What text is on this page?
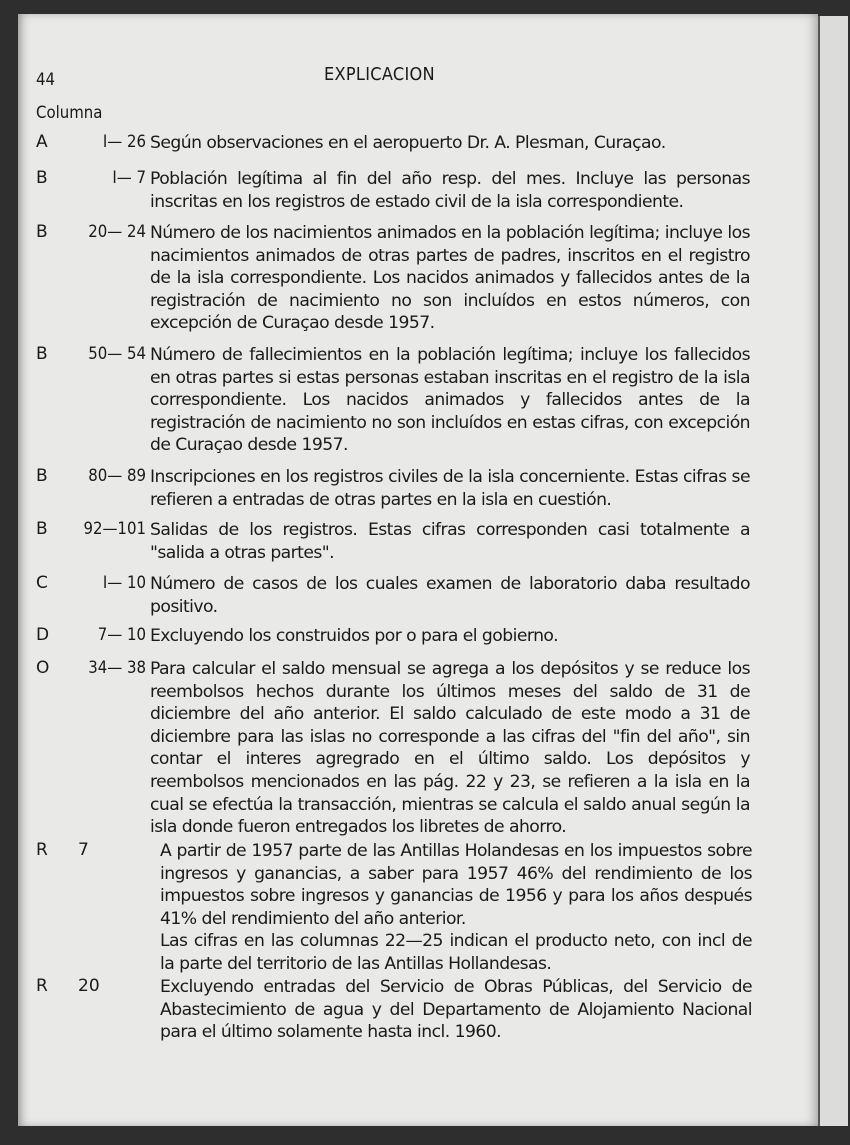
44	EXPLICACION
Columna
A	I— 26 Según observaciones en el aeropuerto Dr. A. Plesman, Curaçao.

B	I— 7 Población legítima al fin del año resp. del mes. Incluye las personas inscritas en los registros de estado civil de la isla correspondiente.

B	20— 24 Número de los nacimientos animados en la población legítima; incluye los nacimientos animados de otras partes de padres, inscritos en el registro de la isla correspondiente. Los nacidos animados y fallecidos antes de la registración de nacimiento no son incluídos en estos números, con excepción de Curaçao desde 1957.

B	50— 54 Número de fallecimientos en la población legítima; incluye los fallecidos en otras partes si estas personas estaban inscritas en el registro de la isla correspondiente. Los nacidos animados y fallecidos antes de la registración de nacimiento no son incluídos en estas cifras, con excepción de Curaçao desde 1957.

B	80— 89 Inscripciones en los registros civiles de la isla concerniente. Estas cifras se refieren a entradas de otras partes en la isla en cuestión.

B	92—101 Salidas de los registros. Estas cifras corresponden casi totalmente a "salida a otras partes".

C	I— 10 Número de casos de los cuales examen de laboratorio daba resultado positivo.

D	7— 10 Excluyendo los construidos por o para el gobierno.

O	34— 38 Para calcular el saldo mensual se agrega a los depósitos y se reduce los reembolsos hechos durante los últimos meses del saldo de 31 de diciembre del año anterior. El saldo calculado de este modo a 31 de diciembre para las islas no corresponde a las cifras del "fin del año", sin contar el interes agregrado en el último saldo. Los depósitos y reembolsos mencionados en las pág. 22 y 23, se refieren a la isla en la cual se efectúa la transacción, mientras se calcula el saldo anual según la isla donde fueron entregados los libretes de ahorro.

R 7	A partir de 1957 parte de las Antillas Holandesas en los impuestos sobre ingresos y ganancias, a saber para 1957 46% del rendimiento de los impuestos sobre ingresos y ganancias de 1956 y para los años después 41% del rendimiento del año anterior.

Las cifras en las columnas 22—25 indican el producto neto, con incl de la parte del territorio de las Antillas Hollandesas.

R 20	Excluyendo entradas del Servicio de Obras Públicas, del Servicio de Abastecimiento de agua y del Departamento de Alojamiento Nacional para el último solamente hasta incl. 1960.
